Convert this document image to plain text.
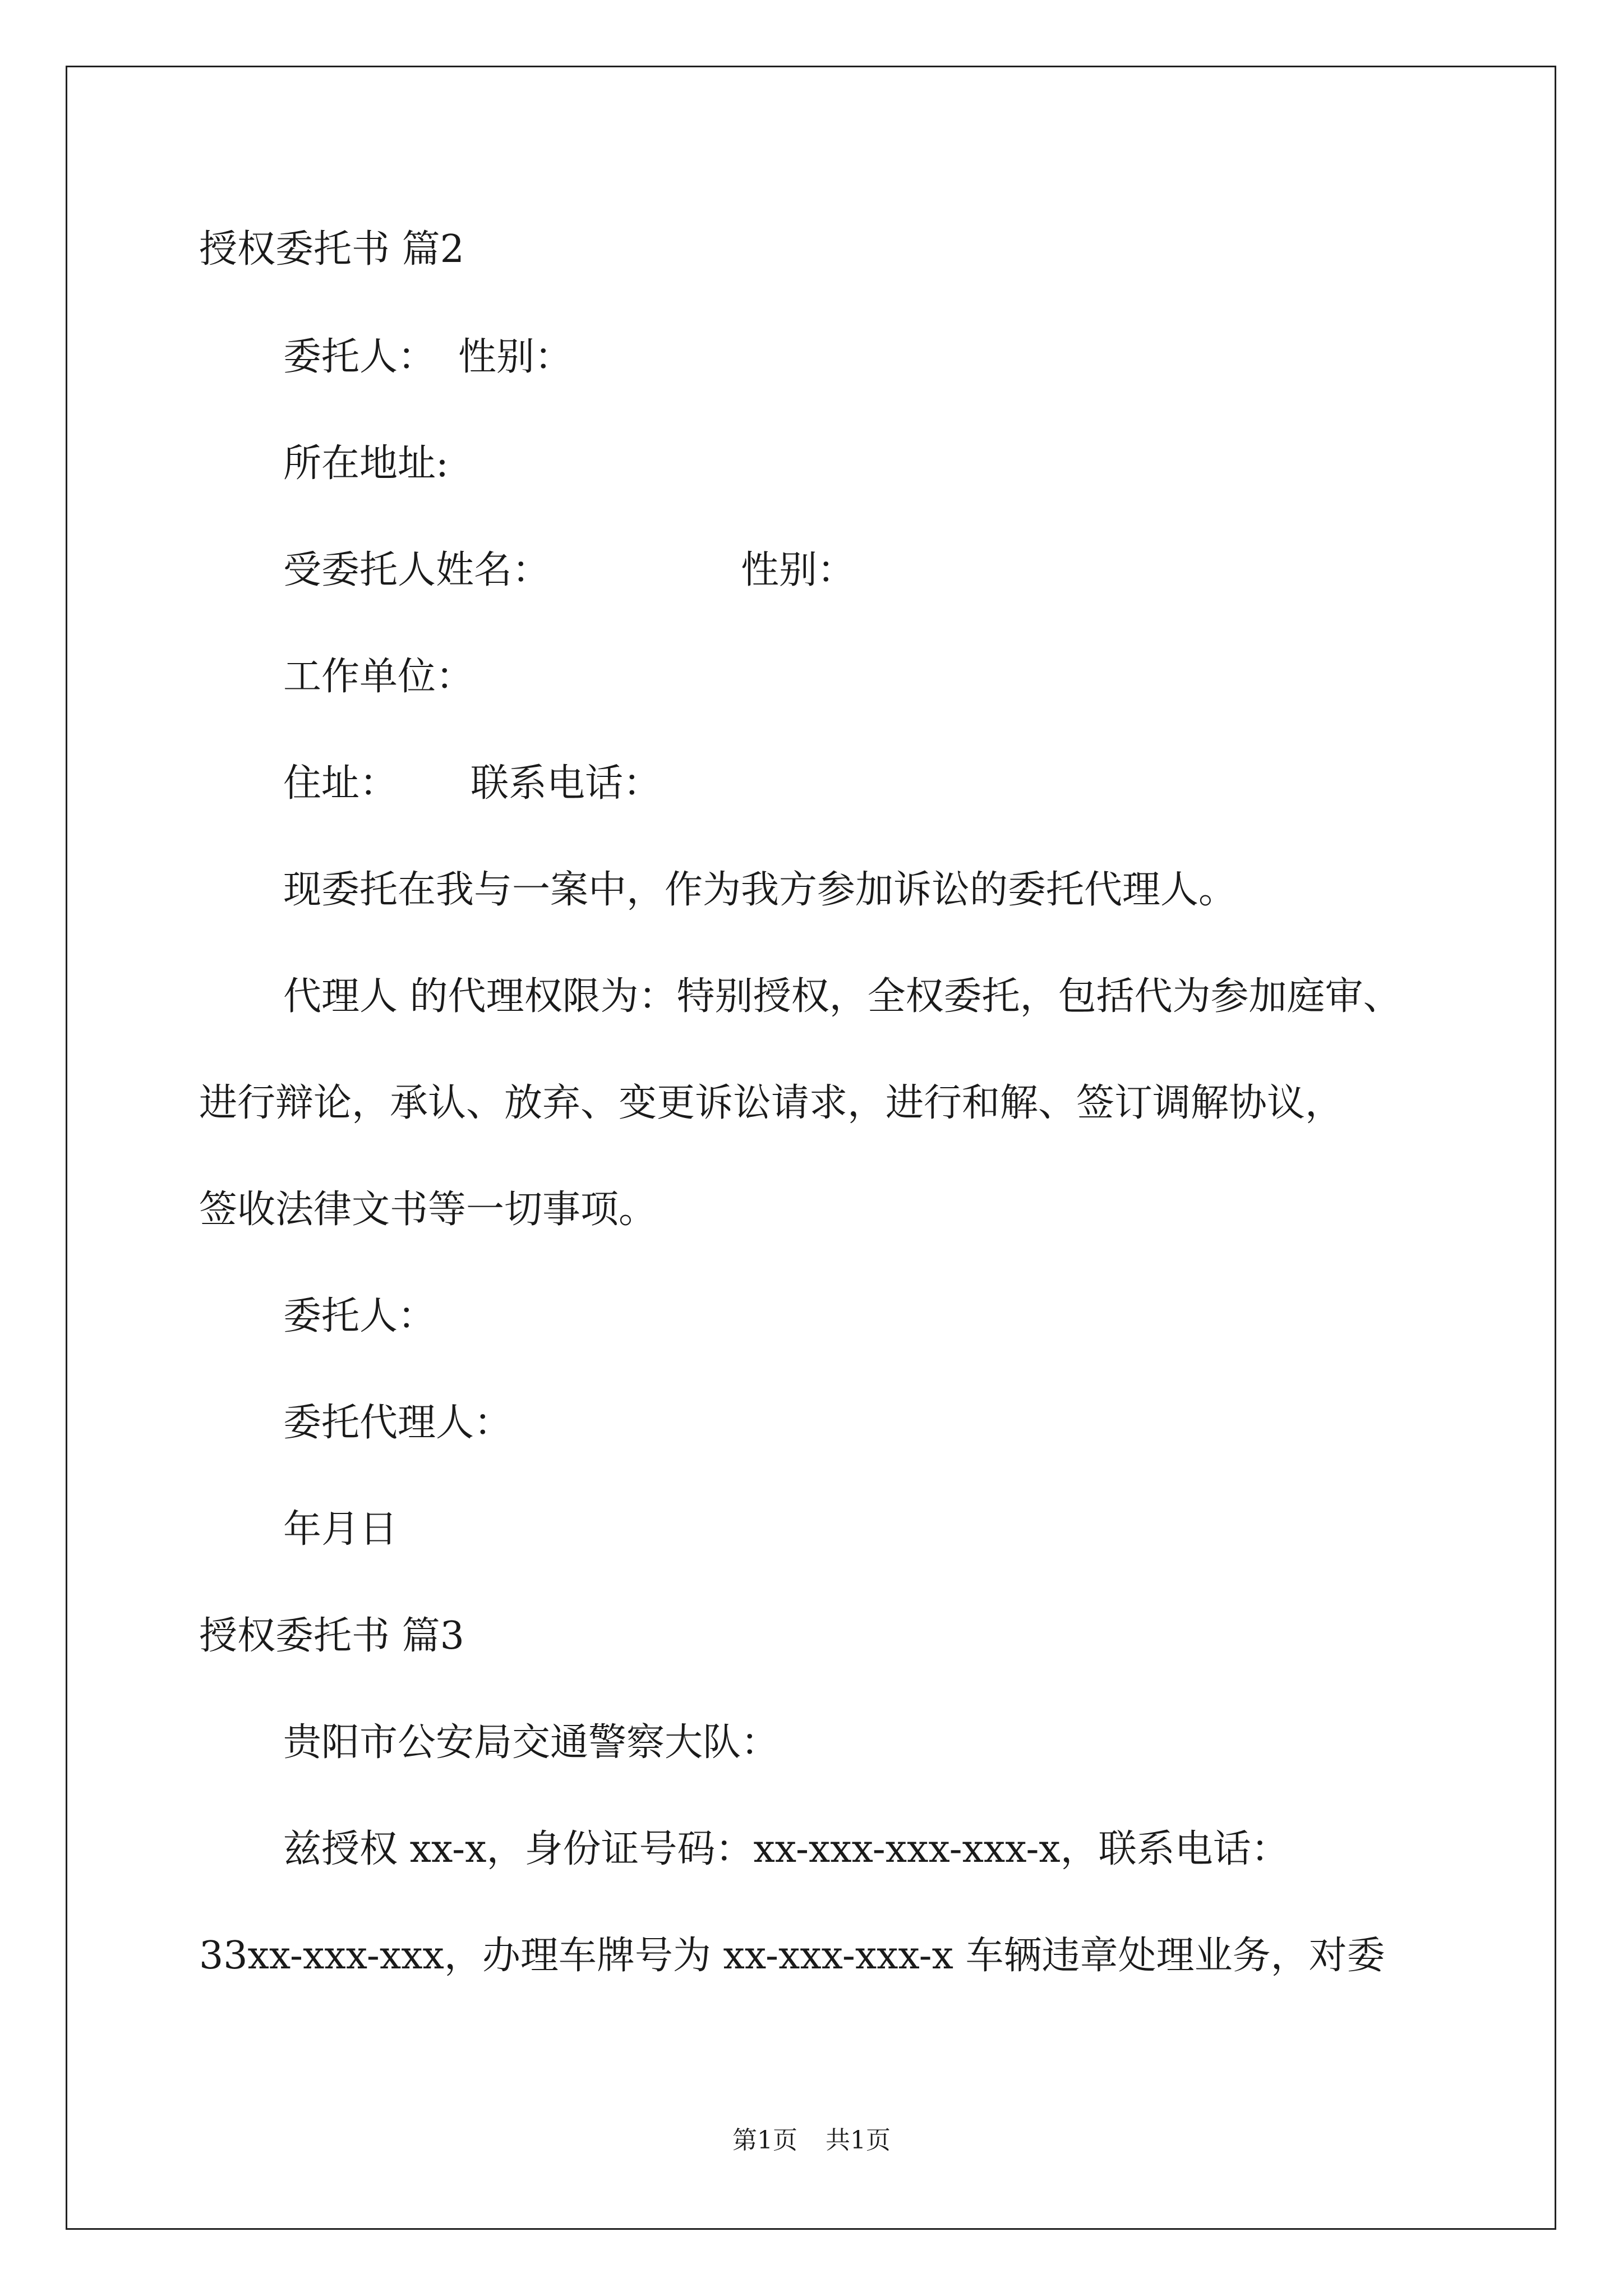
授权委托书 篇2
委托人： 性别：
所在地址:
受委托人姓名：	性别：
工作单位：
住址： 联系电话：
现委托在我与一案中，作为我方参加诉讼的委托代理人。
代理人 的代理权限为：特别授权，全权委托，包括代为参加庭审、
进行辩论，承认、放弃、变更诉讼请求，进行和解、签订调解协议，
签收法律文书等一切事项。
委托人：
委托代理人：
年月日
授权委托书 篇3
贵阳市公安局交通警察大队：
兹授权 xx-x，身份证号码：xx-xxx-xxx-xxx-x，联系电话：
33xx-xxx-xxx，办理车牌号为 xx-xxx-xxx-x 车辆违章处理业务，对委
第1页 共1页
